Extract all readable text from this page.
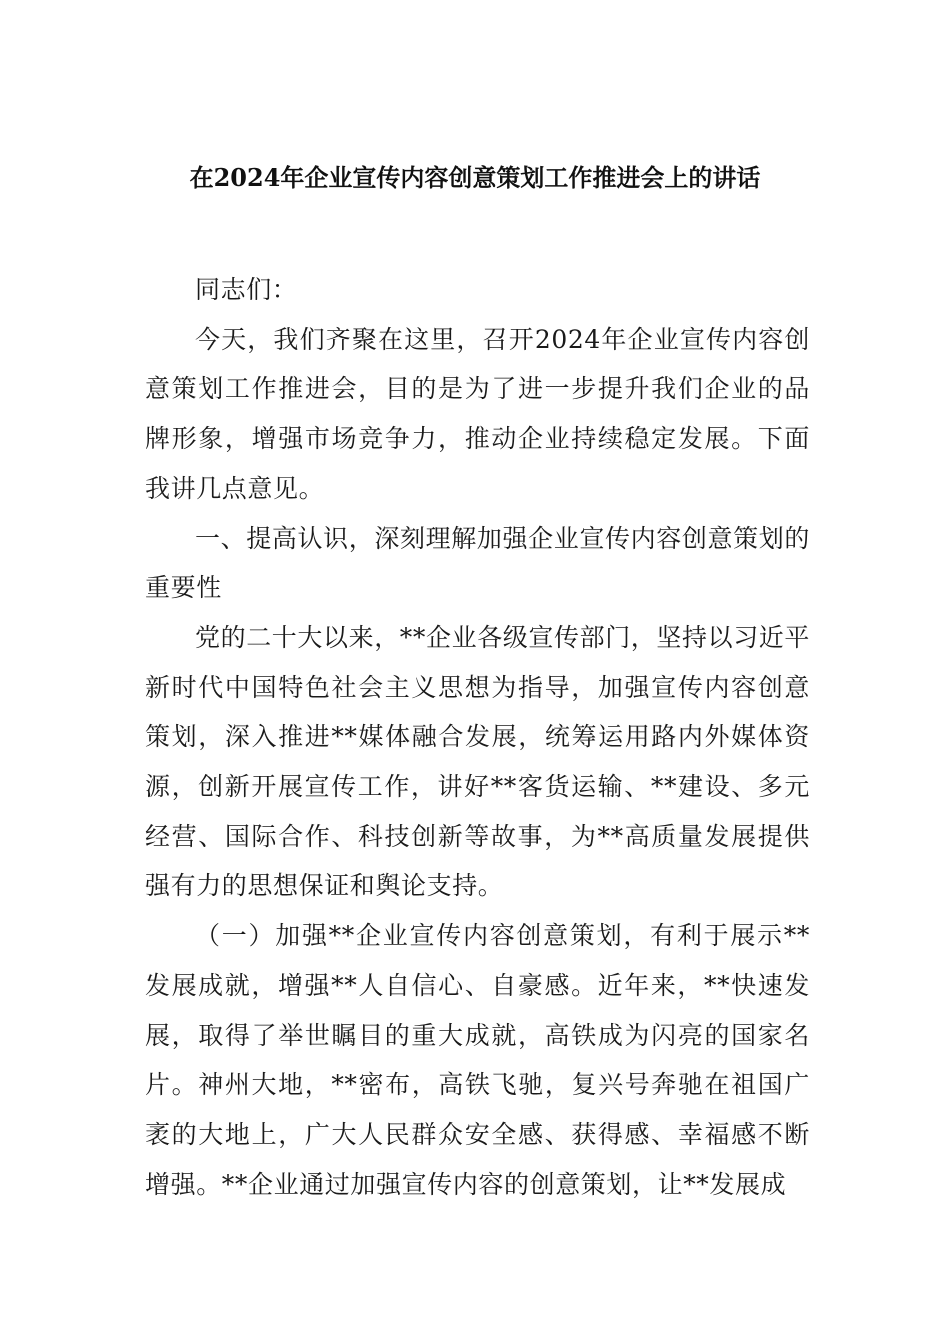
在2024年企业宣传内容创意策划工作推进会上的讲话

同志们：

今天，我们齐聚在这里，召开2024年企业宣传内容创意策划工作推进会，目的是为了进一步提升我们企业的品牌形象，增强市场竞争力，推动企业持续稳定发展。下面我讲几点意见。

一、提高认识，深刻理解加强企业宣传内容创意策划的重要性

党的二十大以来，**企业各级宣传部门，坚持以习近平新时代中国特色社会主义思想为指导，加强宣传内容创意策划，深入推进**媒体融合发展，统筹运用路内外媒体资源，创新开展宣传工作，讲好**客货运输、**建设、多元经营、国际合作、科技创新等故事，为**高质量发展提供强有力的思想保证和舆论支持。

（一）加强**企业宣传内容创意策划，有利于展示**发展成就，增强**人自信心、自豪感。近年来，**快速发展，取得了举世瞩目的重大成就，高铁成为闪亮的国家名片。神州大地，**密布，高铁飞驰，复兴号奔驰在祖国广袤的大地上，广大人民群众安全感、获得感、幸福感不断增强。**企业通过加强宣传内容的创意策划，让**发展成
